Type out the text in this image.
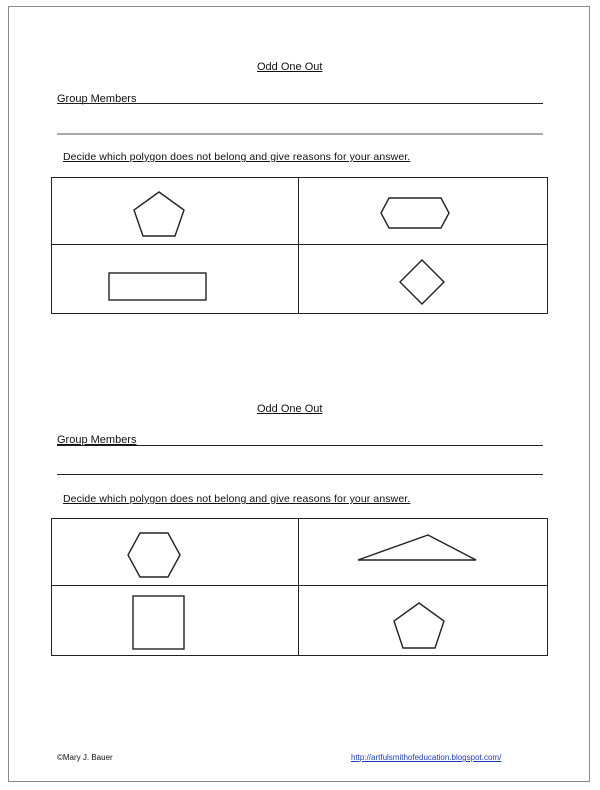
Odd One Out
Group Members
Decide which polygon does not belong and give reasons for your answer.
Odd One Out
Group Members
Decide which polygon does not belong and give reasons for your answer.
©Mary J. Bauer	http://artfulsmithofeducation.blogspot.com/
